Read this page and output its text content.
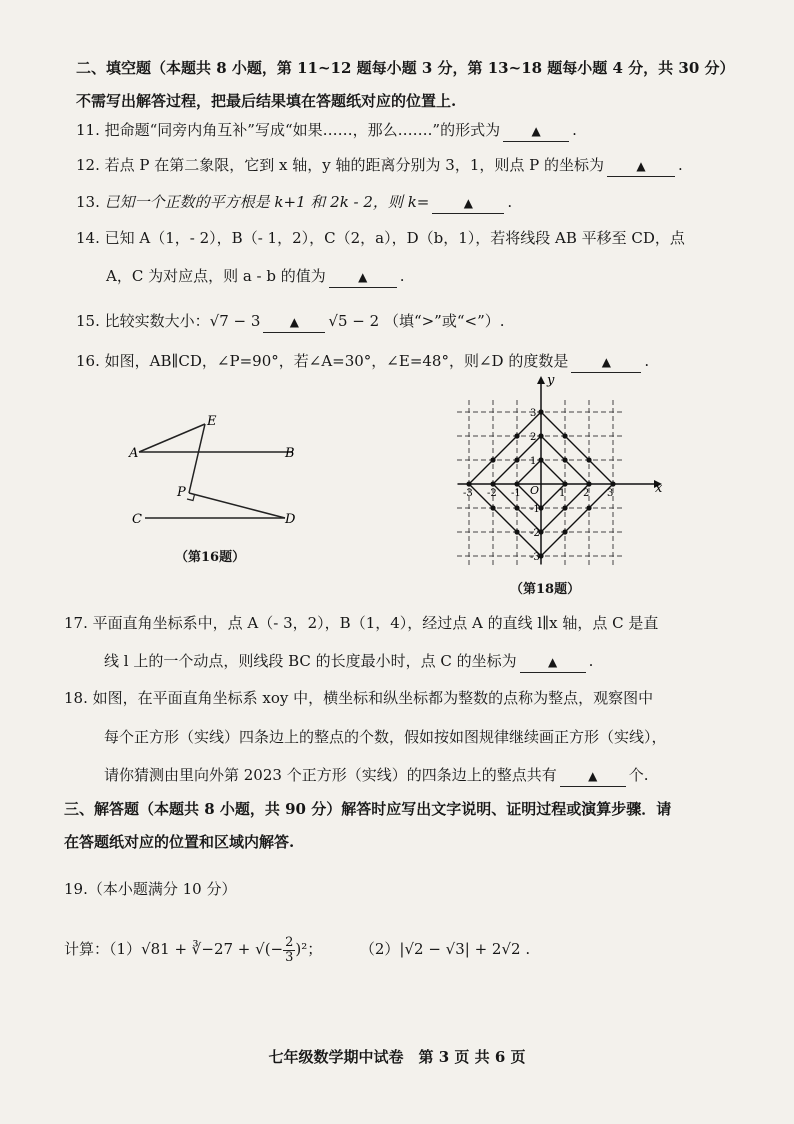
二、填空题（本题共 8 小题，第 11~12 题每小题 3 分，第 13~18 题每小题 4 分，共 30 分）
不需写出解答过程，把最后结果填在答题纸对应的位置上.
11. 把命题“同旁内角互补”写成“如果……，那么…….”的形式为	▲ .
12. 若点 P 在第二象限，它到 x 轴，y 轴的距离分别为 3，1，则点 P 的坐标为	▲ .
13. 已知一个正数的平方根是 k+1 和 2k - 2，则 k=	▲ .
14. 已知 A（1，- 2），B（- 1，2），C（2，a），D（b，1），若将线段 AB 平移至 CD，点
A，C 为对应点，则 a - b 的值为	▲ .
15. 比较实数大小：√7 − 3 ▲ √5 − 2 （填“>”或“<”）.
16. 如图，AB∥CD，∠P=90°，若∠A=30°，∠E=48°，则∠D 的度数是	▲ .
A	B
C	D
E
P
（第16题）
x
y
O
-3 -2 -1	1 2 3
3
2
1
-1
-2
-3
（第18题）
17. 平面直角坐标系中，点 A（- 3，2），B（1，4），经过点 A 的直线 l∥x 轴，点 C 是直
线 l 上的一个动点，则线段 BC 的长度最小时，点 C 的坐标为	▲ .
18. 如图，在平面直角坐标系 xoy 中，横坐标和纵坐标都为整数的点称为整点，观察图中
每个正方形（实线）四条边上的整点的个数，假如按如图规律继续画正方形（实线），
请你猜测由里向外第 2023 个正方形（实线）的四条边上的整点共有	▲ 个.
三、解答题（本题共 8 小题，共 90 分）解答时应写出文字说明、证明过程或演算步骤．请
在答题纸对应的位置和区域内解答.
19.（本小题满分 10 分）
计算：（1）√81 + ∛−27 + √(− $\frac{2}{3} )^2$；	（2）|√2 − √3| + 2√2 .
七年级数学期中试卷　第 3 页 共 6 页
